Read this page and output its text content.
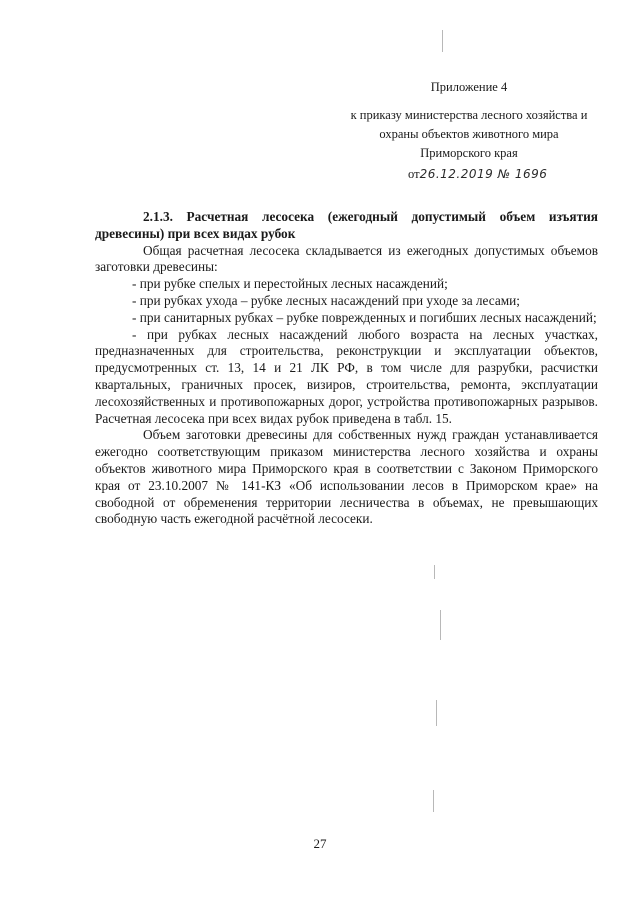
Приложение 4
к приказу министерства лесного хозяйства и
охраны объектов животного мира
Приморского края
от26.12.2019 № 1696

2.1.3. Расчетная лесосека (ежегодный допустимый объем изъятия древесины) при всех видах рубок

Общая расчетная лесосека складывается из ежегодных допустимых объемов заготовки древесины:

- при рубке спелых и перестойных лесных насаждений;

- при рубках ухода – рубке лесных насаждений при уходе за лесами;

- при санитарных рубках – рубке поврежденных и погибших лесных насаждений;

- при рубках лесных насаждений любого возраста на лесных участках, предназначенных для строительства, реконструкции и эксплуатации объектов, предусмотренных ст. 13, 14 и 21 ЛК РФ, в том числе для разрубки, расчистки квартальных, граничных просек, визиров, строительства, ремонта, эксплуатации лесохозяйственных и противопожарных дорог, устройства противопожарных разрывов. Расчетная лесосека при всех видах рубок приведена в табл. 15.

Объем заготовки древесины для собственных нужд граждан устанавливается ежегодно соответствующим приказом министерства лесного хозяйства и охраны объектов животного мира Приморского края в соответствии с Законом Приморского края от 23.10.2007 № 141-КЗ «Об использовании лесов в Приморском крае» на свободной от обременения территории лесничества в объемах, не превышающих свободную часть ежегодной расчётной лесосеки.

27
